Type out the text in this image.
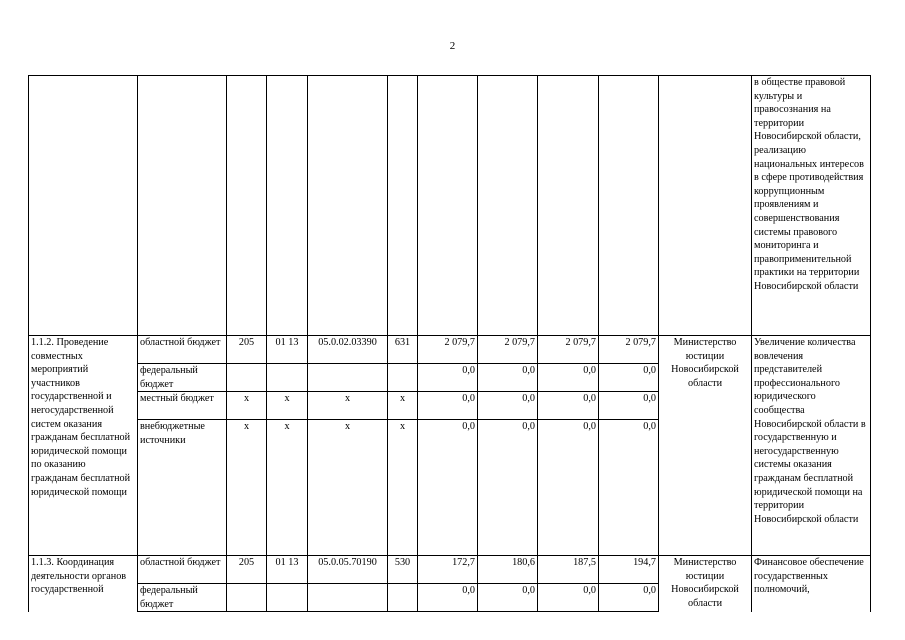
2
											в обществе правовой культуры и правосознания на территории Новосибирской области, реализацию национальных интересов в сфере противодействия коррупционным проявлениям и совершенствования системы правового мониторинга и правоприменительной практики на территории Новосибирской области
1.1.2. Проведение совместных мероприятий участников государственной и негосударственной систем оказания гражданам бесплатной юридической помощи по оказанию гражданам бесплатной юридической помощи	областной бюджет	205	01 13	05.0.02.03390	631	2 079,7	2 079,7	2 079,7	2 079,7	Министерство юстиции Новосибирской области	Увеличение количества вовлечения представителей профессионального юридического сообщества Новосибирской области в государственную и негосударственную системы оказания гражданам бесплатной юридической помощи на территории Новосибирской области
	федеральный бюджет					0,0	0,0	0,0	0,0		
	местный бюджет	x	x	x	x	0,0	0,0	0,0	0,0		
	внебюджетные источники	x	x	x	x	0,0	0,0	0,0	0,0		
1.1.3. Координация деятельности органов государственной	областной бюджет	205	01 13	05.0.05.70190	530	172,7	180,6	187,5	194,7	Министерство юстиции Новосибирской области	Финансовое обеспечение государственных полномочий,
	федеральный бюджет					0,0	0,0	0,0	0,0		
